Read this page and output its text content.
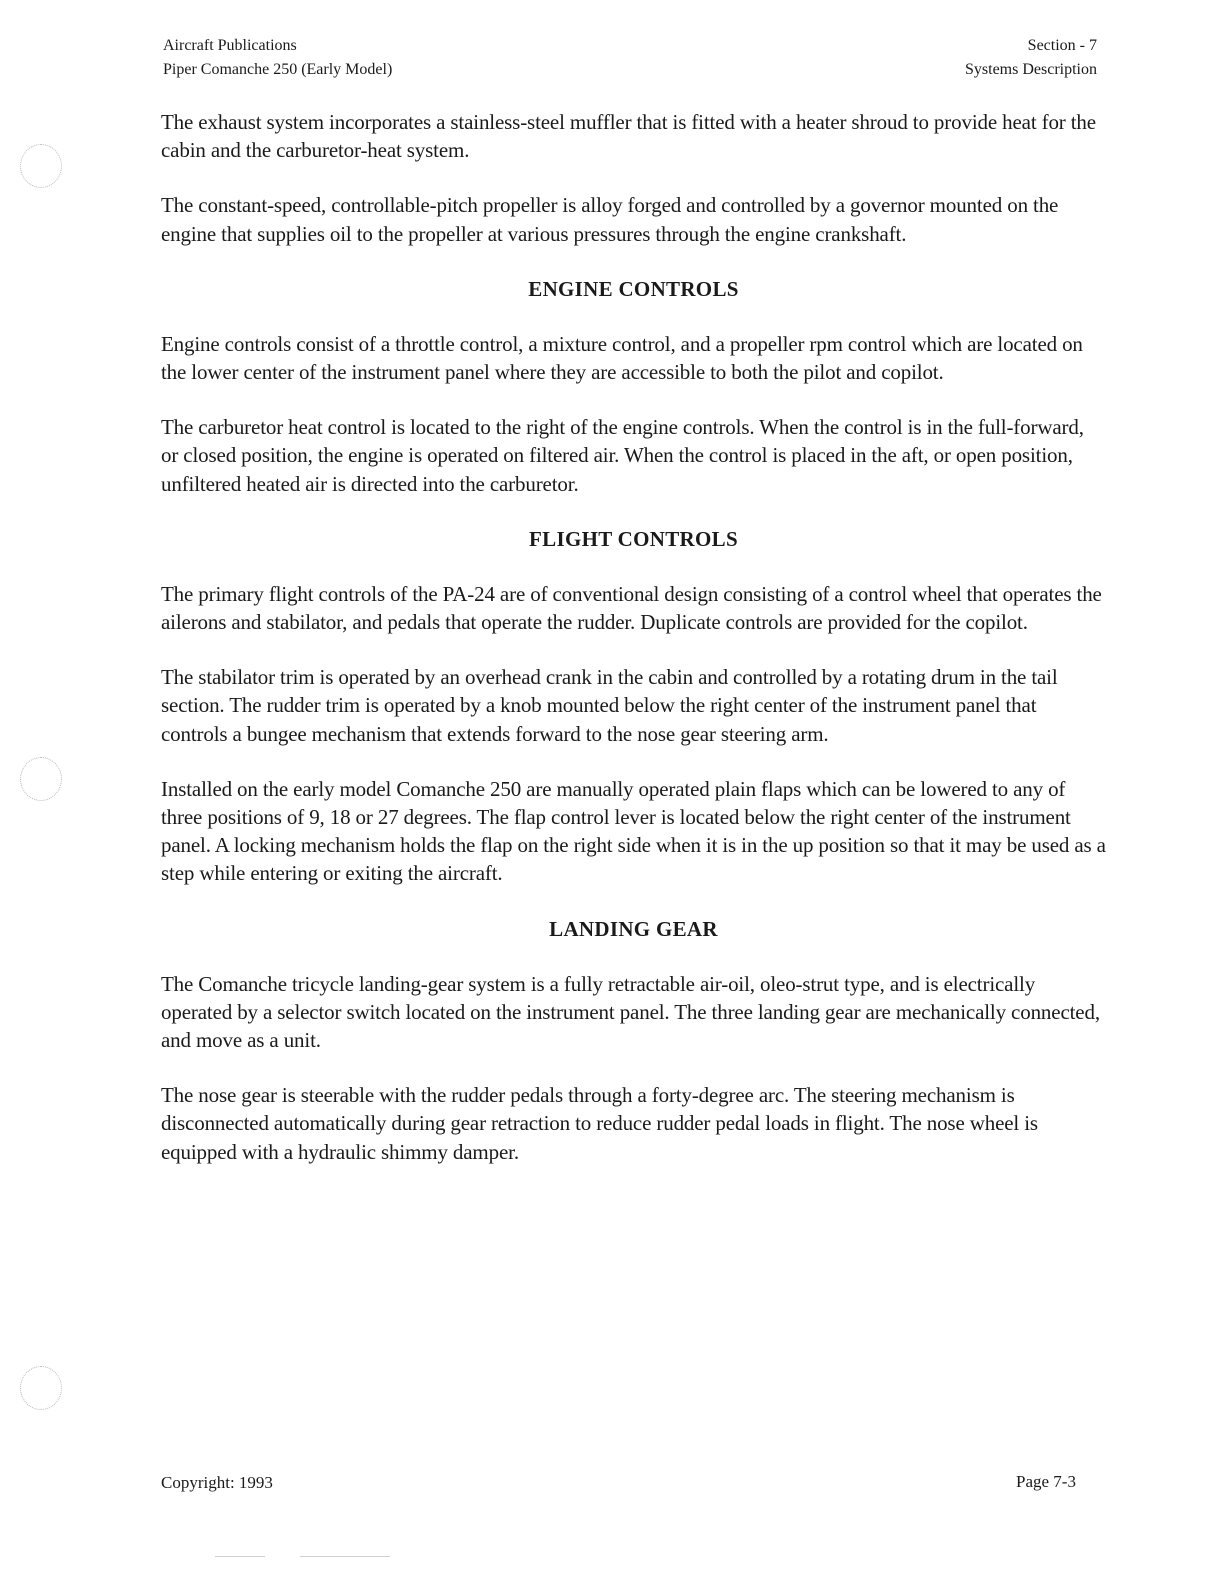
Aircraft Publications
Piper Comanche 250 (Early Model)
Section - 7
Systems Description

The exhaust system incorporates a stainless-steel muffler that is fitted with a heater shroud to provide heat for the cabin and the carburetor-heat system.

The constant-speed, controllable-pitch propeller is alloy forged and controlled by a governor mounted on the engine that supplies oil to the propeller at various pressures through the engine crankshaft.

ENGINE CONTROLS

Engine controls consist of a throttle control, a mixture control, and a propeller rpm control which are located on the lower center of the instrument panel where they are accessible to both the pilot and copilot.

The carburetor heat control is located to the right of the engine controls. When the control is in the full-forward, or closed position, the engine is operated on filtered air. When the control is placed in the aft, or open position, unfiltered heated air is directed into the carburetor.

FLIGHT CONTROLS

The primary flight controls of the PA-24 are of conventional design consisting of a control wheel that operates the ailerons and stabilator, and pedals that operate the rudder. Duplicate controls are provided for the copilot.

The stabilator trim is operated by an overhead crank in the cabin and controlled by a rotating drum in the tail section. The rudder trim is operated by a knob mounted below the right center of the instrument panel that controls a bungee mechanism that extends forward to the nose gear steering arm.

Installed on the early model Comanche 250 are manually operated plain flaps which can be lowered to any of three positions of 9, 18 or 27 degrees. The flap control lever is located below the right center of the instrument panel. A locking mechanism holds the flap on the right side when it is in the up position so that it may be used as a step while entering or exiting the aircraft.

LANDING GEAR

The Comanche tricycle landing-gear system is a fully retractable air-oil, oleo-strut type, and is electrically operated by a selector switch located on the instrument panel. The three landing gear are mechanically connected, and move as a unit.

The nose gear is steerable with the rudder pedals through a forty-degree arc. The steering mechanism is disconnected automatically during gear retraction to reduce rudder pedal loads in flight. The nose wheel is equipped with a hydraulic shimmy damper.

Copyright: 1993	Page 7-3
